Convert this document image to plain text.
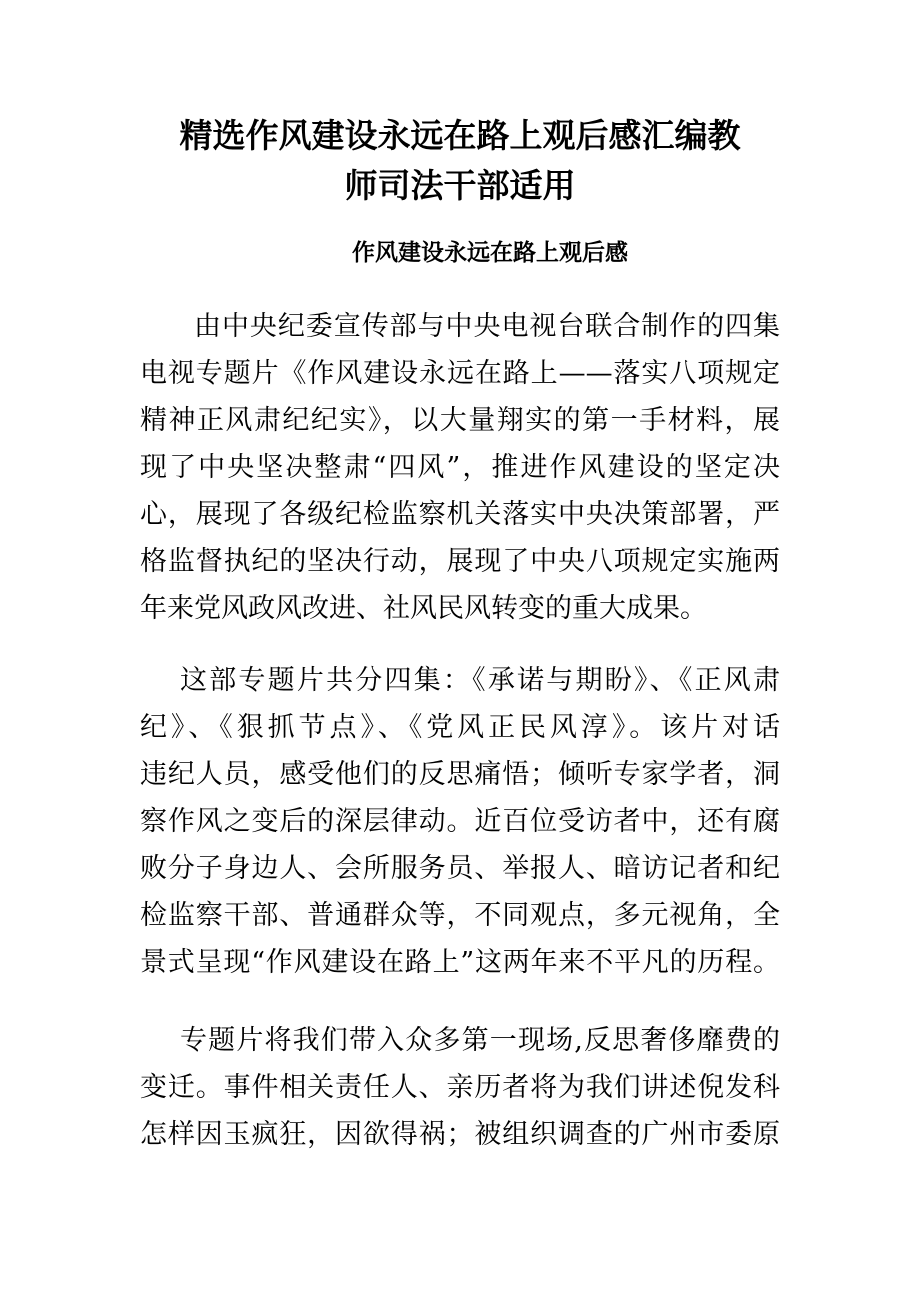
精选作风建设永远在路上观后感汇编教
师司法干部适用
作风建设永远在路上观后感
由中央纪委宣传部与中央电视台联合制作的四集
电视专题片《作风建设永远在路上——落实八项规定
精神正风肃纪纪实》，以大量翔实的第一手材料，展
现了中央坚决整肃“四风”，推进作风建设的坚定决
心，展现了各级纪检监察机关落实中央决策部署，严
格监督执纪的坚决行动，展现了中央八项规定实施两
年来党风政风改进、社风民风转变的重大成果。
这部专题片共分四集：《承诺与期盼》、《正风肃
纪》、《狠抓节点》、《党风正民风淳》。该片对话
违纪人员，感受他们的反思痛悟；倾听专家学者，洞
察作风之变后的深层律动。近百位受访者中，还有腐
败分子身边人、会所服务员、举报人、暗访记者和纪
检监察干部、普通群众等，不同观点，多元视角，全
景式呈现“作风建设在路上”这两年来不平凡的历程。
专题片将我们带入众多第一现场,反思奢侈靡费的
变迁。事件相关责任人、亲历者将为我们讲述倪发科
怎样因玉疯狂，因欲得祸；被组织调查的广州市委原
